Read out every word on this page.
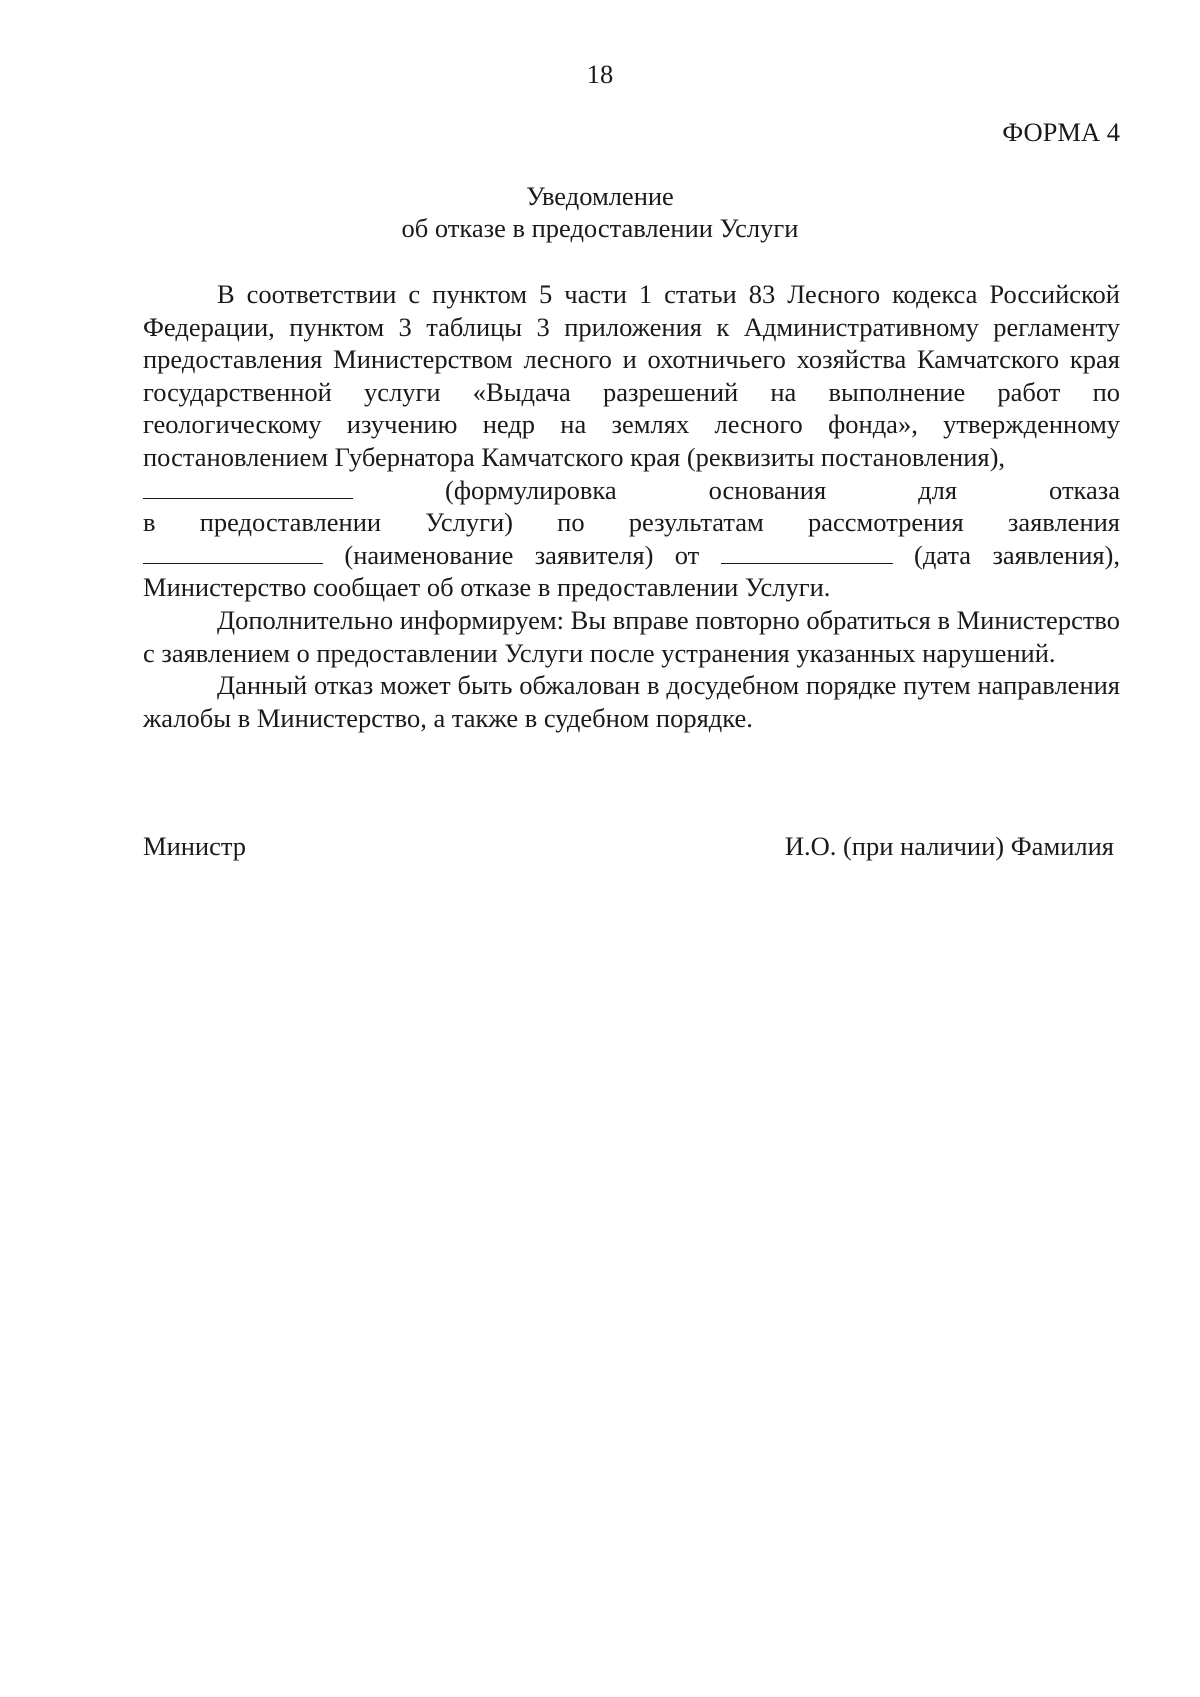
18
ФОРМА 4
Уведомление
об отказе в предоставлении Услуги

В соответствии с пунктом 5 части 1 статьи 83 Лесного кодекса Российской Федерации, пунктом 3 таблицы 3 приложения к Административному регламенту предоставления Министерством лесного и охотничьего хозяйства Камчатского края государственной услуги «Выдача разрешений на выполнение работ по геологическому изучению недр на землях лесного фонда», утвержденному постановлением Губернатора Камчатского края (реквизиты постановления),

(формулировка основания для отказа
в предоставлении Услуги) по результатам рассмотрения заявления
(наименование заявителя) от	(дата заявления),
Министерство сообщает об отказе в предоставлении Услуги.

Дополнительно информируем: Вы вправе повторно обратиться в Министерство с заявлением о предоставлении Услуги после устранения указанных нарушений.

Данный отказ может быть обжалован в досудебном порядке путем направления жалобы в Министерство, а также в судебном порядке.

Министр	И.О. (при наличии) Фамилия
